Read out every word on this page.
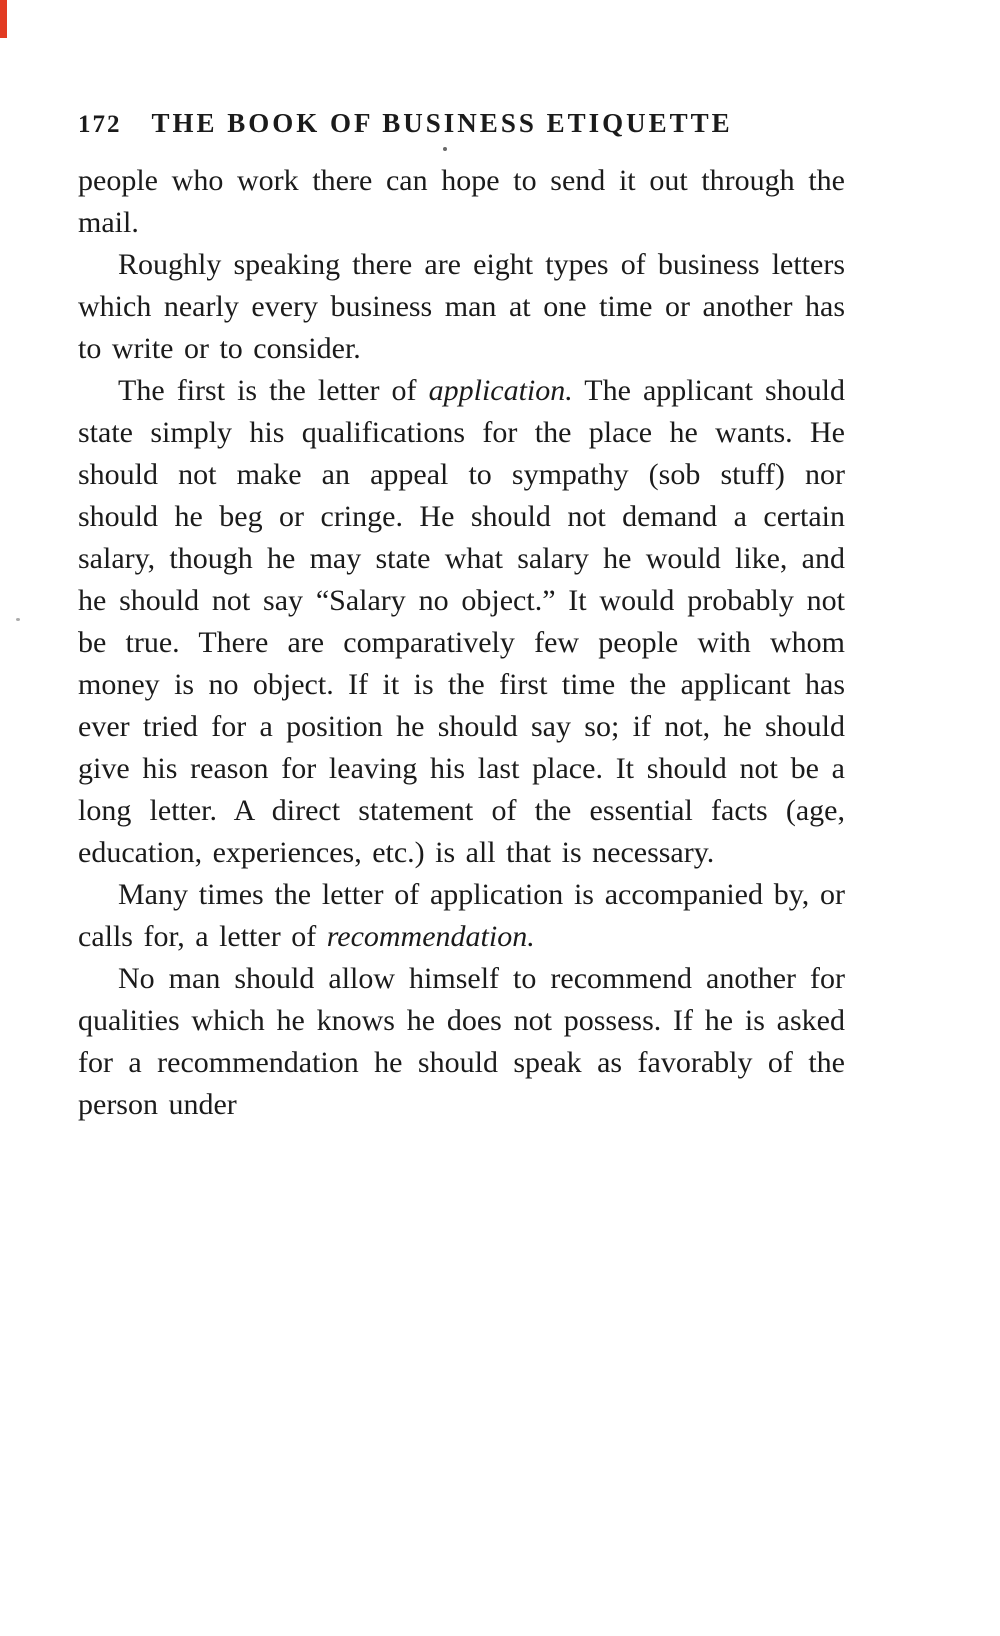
172 THE BOOK OF BUSINESS ETIQUETTE

people who work there can hope to send it out through the mail.

Roughly speaking there are eight types of business letters which nearly every business man at one time or another has to write or to consider.

The first is the letter of application. The applicant should state simply his qualifications for the place he wants. He should not make an appeal to sympathy (sob stuff) nor should he beg or cringe. He should not demand a certain salary, though he may state what salary he would like, and he should not say “Salary no object.” It would probably not be true. There are comparatively few people with whom money is no object. If it is the first time the applicant has ever tried for a position he should say so; if not, he should give his reason for leaving his last place. It should not be a long letter. A direct statement of the essential facts (age, education, experiences, etc.) is all that is necessary.

Many times the letter of application is accompanied by, or calls for, a letter of recommendation.

No man should allow himself to recommend another for qualities which he knows he does not possess. If he is asked for a recommendation he should speak as favorably of the person under
